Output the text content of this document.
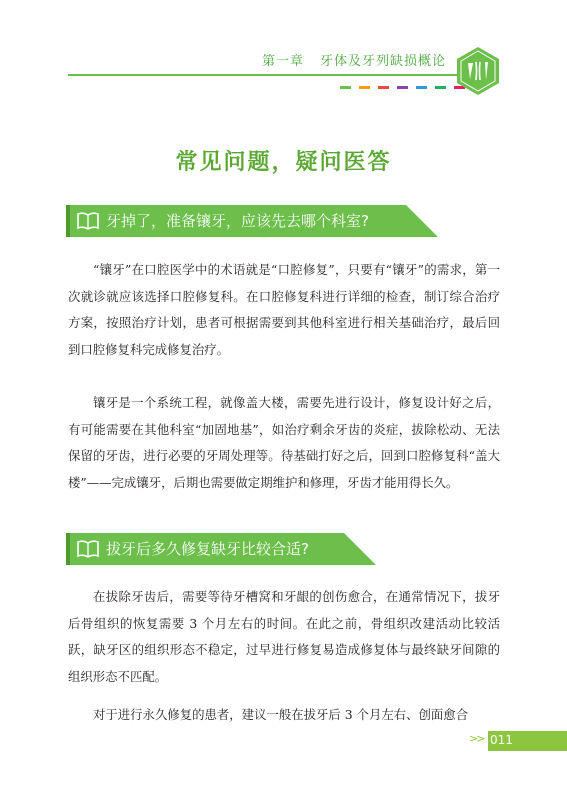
第一章 牙体及牙列缺损概论
常见问题，疑问医答
牙掉了，准备镶牙，应该先去哪个科室?

“镶牙”在口腔医学中的术语就是“口腔修复”，只要有“镶牙”的需求，第一次就诊就应该选择口腔修复科。在口腔修复科进行详细的检查，制订综合治疗方案，按照治疗计划，患者可根据需要到其他科室进行相关基础治疗，最后回到口腔修复科完成修复治疗。

镶牙是一个系统工程，就像盖大楼，需要先进行设计，修复设计好之后，有可能需要在其他科室“加固地基”，如治疗剩余牙齿的炎症，拔除松动、无法保留的牙齿，进行必要的牙周处理等。待基础打好之后，回到口腔修复科“盖大楼”——完成镶牙，后期也需要做定期维护和修理，牙齿才能用得长久。

拔牙后多久修复缺牙比较合适?

在拔除牙齿后，需要等待牙槽窝和牙龈的创伤愈合，在通常情况下，拔牙后骨组织的恢复需要 3 个月左右的时间。在此之前，骨组织改建活动比较活跃，缺牙区的组织形态不稳定，过早进行修复易造成修复体与最终缺牙间隙的组织形态不匹配。

对于进行永久修复的患者，建议一般在拔牙后 3 个月左右、创面愈合

>> 011
